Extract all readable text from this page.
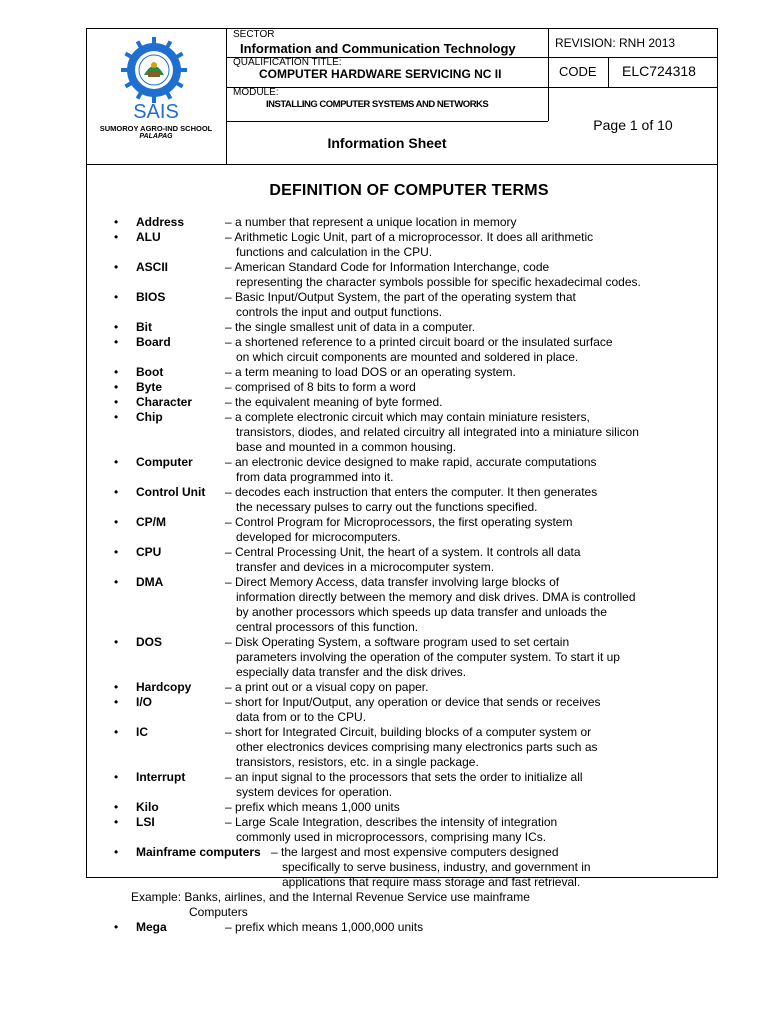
SAIS
SUMOROY AGRO-IND SCHOOL
PALAPAG
SECTOR
Information and Communication Technology
QUALIFICATION TITLE:
COMPUTER HARDWARE SERVICING NC II
MODULE:
INSTALLING COMPUTER SYSTEMS AND NETWORKS
Information Sheet
REVISION: RNH 2013
CODE ELC724318
Page 1 of 10
DEFINITION OF COMPUTER TERMS
• Address	– a number that represent a unique location in memory
• ALU	– Arithmetic Logic Unit, part of a microprocessor. It does all arithmetic
functions and calculation in the CPU.
• ASCII	– American Standard Code for Information Interchange, code
representing the character symbols possible for specific hexadecimal codes.
• BIOS	– Basic Input/Output System, the part of the operating system that
controls the input and output functions.
• Bit	– the single smallest unit of data in a computer.
• Board	– a shortened reference to a printed circuit board or the insulated surface
on which circuit components are mounted and soldered in place.
• Boot	– a term meaning to load DOS or an operating system.
• Byte	– comprised of 8 bits to form a word
• Character	– the equivalent meaning of byte formed.
• Chip	– a complete electronic circuit which may contain miniature resisters,
transistors, diodes, and related circuitry all integrated into a miniature silicon base and mounted in a common housing.
• Computer	– an electronic device designed to make rapid, accurate computations
from data programmed into it.
• Control Unit – decodes each instruction that enters the computer. It then generates
the necessary pulses to carry out the functions specified.
• CP/M	– Control Program for Microprocessors, the first operating system
developed for microcomputers.
• CPU	– Central Processing Unit, the heart of a system. It controls all data
transfer and devices in a microcomputer system.
• DMA	– Direct Memory Access, data transfer involving large blocks of
information directly between the memory and disk drives. DMA is controlled by another processors which speeds up data transfer and unloads the central processors of this function.
• DOS	– Disk Operating System, a software program used to set certain
parameters involving the operation of the computer system. To start it up especially data transfer and the disk drives.
• Hardcopy	– a print out or a visual copy on paper.
• I/O	– short for Input/Output, any operation or device that sends or receives
data from or to the CPU.
• IC	– short for Integrated Circuit, building blocks of a computer system or
other electronics devices comprising many electronics parts such as transistors, resistors, etc. in a single package.
• Interrupt	– an input signal to the processors that sets the order to initialize all
system devices for operation.
• Kilo	– prefix which means 1,000 units
• LSI	– Large Scale Integration, describes the intensity of integration
commonly used in microprocessors, comprising many ICs.
• Mainframe computers – the largest and most expensive computers designed
specifically to serve business, industry, and government in applications that require mass storage and fast retrieval.
Example: Banks, airlines, and the Internal Revenue Service use mainframe
Computers
• Mega	– prefix which means 1,000,000 units
